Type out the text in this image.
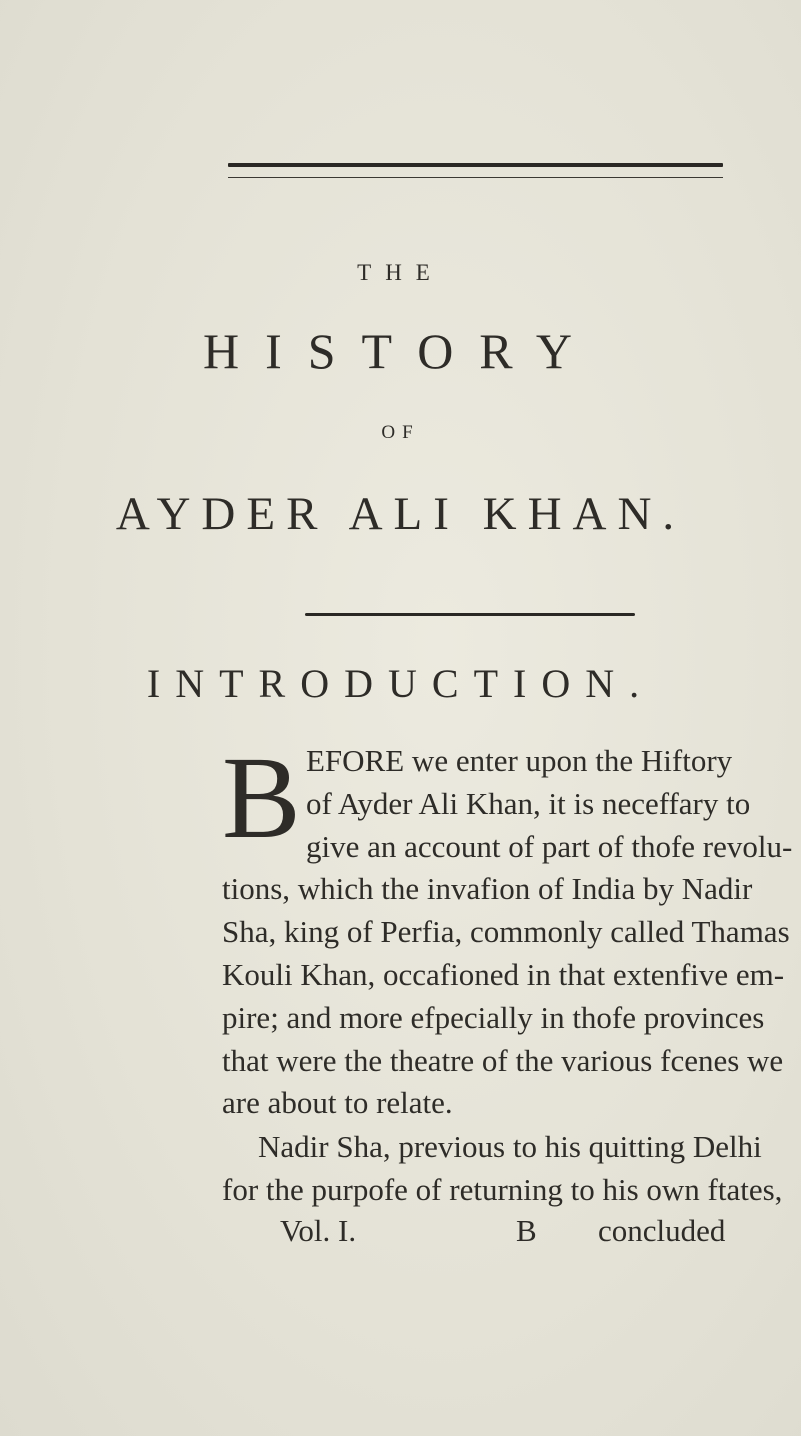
THE
HISTORY
OF
AYDER ALI KHAN.
INTRODUCTION.
B EFORE we enter upon the Hiftory
of Ayder Ali Khan, it is neceffary to
give an account of part of thofe revolu-
tions, which the invafion of India by Nadir
Sha, king of Perfia, commonly called Thamas
Kouli Khan, occafioned in that extenfive em-
pire; and more efpecially in thofe provinces
that were the theatre of the various fcenes we
are about to relate.
Nadir Sha, previous to his quitting Delhi
for the purpofe of returning to his own ftates,
Vol. I.	B concluded
